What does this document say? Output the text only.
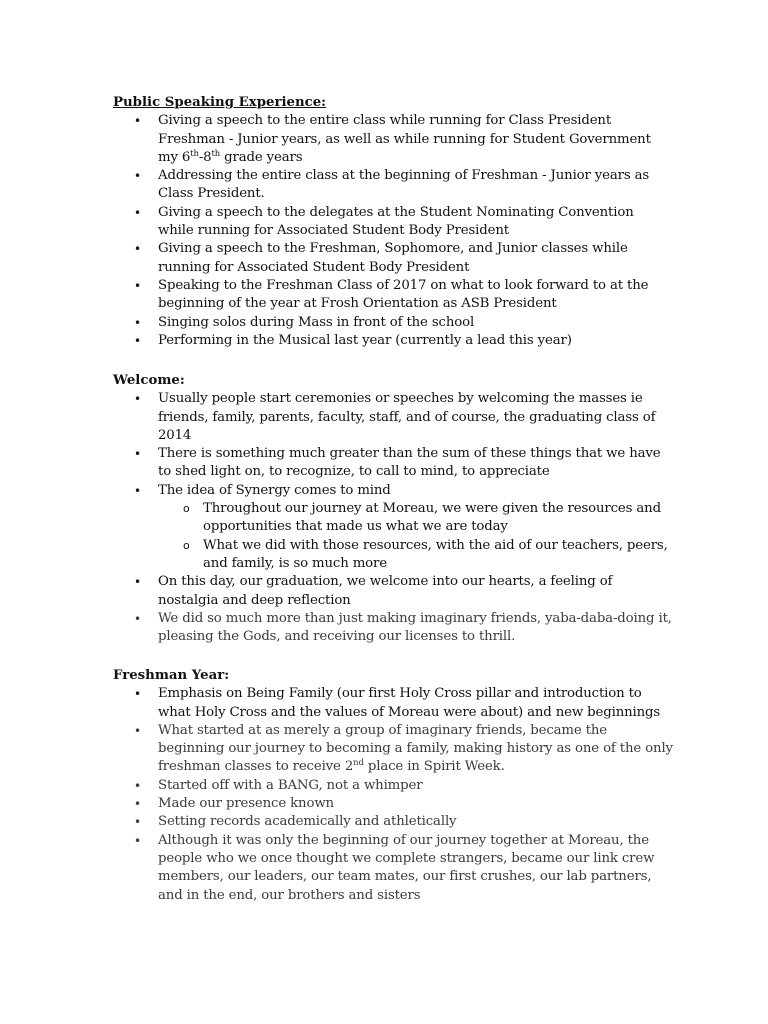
Public Speaking Experience:

• Giving a speech to the entire class while running for Class President Freshman - Junior years, as well as while running for Student Government my 6th-8th grade years
• Addressing the entire class at the beginning of Freshman - Junior years as Class President.
• Giving a speech to the delegates at the Student Nominating Convention while running for Associated Student Body President
• Giving a speech to the Freshman, Sophomore, and Junior classes while running for Associated Student Body President
• Speaking to the Freshman Class of 2017 on what to look forward to at the beginning of the year at Frosh Orientation as ASB President
• Singing solos during Mass in front of the school
• Performing in the Musical last year (currently a lead this year)

Welcome:

• Usually people start ceremonies or speeches by welcoming the masses ie friends, family, parents, faculty, staff, and of course, the graduating class of 2014
• There is something much greater than the sum of these things that we have to shed light on, to recognize, to call to mind, to appreciate
• The idea of Synergy comes to mind
o Throughout our journey at Moreau, we were given the resources and opportunities that made us what we are today
o What we did with those resources, with the aid of our teachers, peers, and family, is so much more
• On this day, our graduation, we welcome into our hearts, a feeling of nostalgia and deep reflection
• We did so much more than just making imaginary friends, yaba-daba-doing it, pleasing the Gods, and receiving our licenses to thrill.

Freshman Year:

• Emphasis on Being Family (our first Holy Cross pillar and introduction to what Holy Cross and the values of Moreau were about) and new beginnings
• What started at as merely a group of imaginary friends, became the beginning our journey to becoming a family, making history as one of the only freshman classes to receive 2nd place in Spirit Week.
• Started off with a BANG, not a whimper
• Made our presence known
• Setting records academically and athletically
• Although it was only the beginning of our journey together at Moreau, the people who we once thought we complete strangers, became our link crew members, our leaders, our team mates, our first crushes, our lab partners, and in the end, our brothers and sisters
